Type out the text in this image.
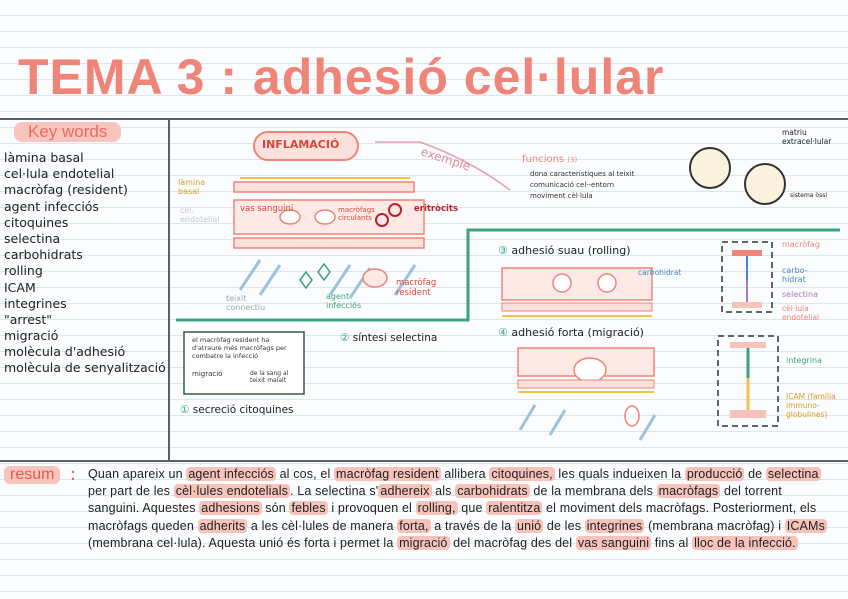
TEMA 3 : adhesió cel·lular
Key words
làmina basal
cel·lula endotelial
macròfag (resident)
agent infecciós
citoquines
selectina
carbohidrats
rolling
ICAM
integrines
"arrest"
migració
molècula d'adhesió
molècula de senyalització
INFLAMACIÓ	exemple
làmina basal
cel. endotelial
vas sanguini	macròfags circulants
eritròcits
teixit connectiu
agent infecciós
macròfag resident
funcions (3)
dona característiques al teixit
comunicació cel·-entorn
moviment cèl·lula
matriu extracel·lular
sistema òssi
③ adhesió suau (rolling)
carbohidrat
④ adhesió forta (migració)
② síntesi selectina
① secreció citoquines
el macròfag resident ha d'atraure més macròfags per combatre la infecció
migració	de la sang al teixit malalt
macròfag
carbo-hidrat
selectina
cèl·lula endotelial
integrina
ICAM (família immuno-globulines)
resum : Quan apareix un agent infecciós al cos, el macròfag resident allibera citoquines, les quals indueixen la producció de selectina per part de les cèl·lules endotelials . La selectina s' adhereix als carbohidrats de la membrana dels macròfags del torrent sanguini. Aquestes adhesions són febles i provoquen el rolling, que ralentitza el moviment dels macròfags. Posteriorment, els macròfags queden adherits a les cèl·lules de manera forta, a través de la unió de les integrines (membrana macròfag) i ICAMs (membrana cel·lula). Aquesta unió és forta i permet la migració del macròfag des del vas sanguini fins al lloc de la infecció.
